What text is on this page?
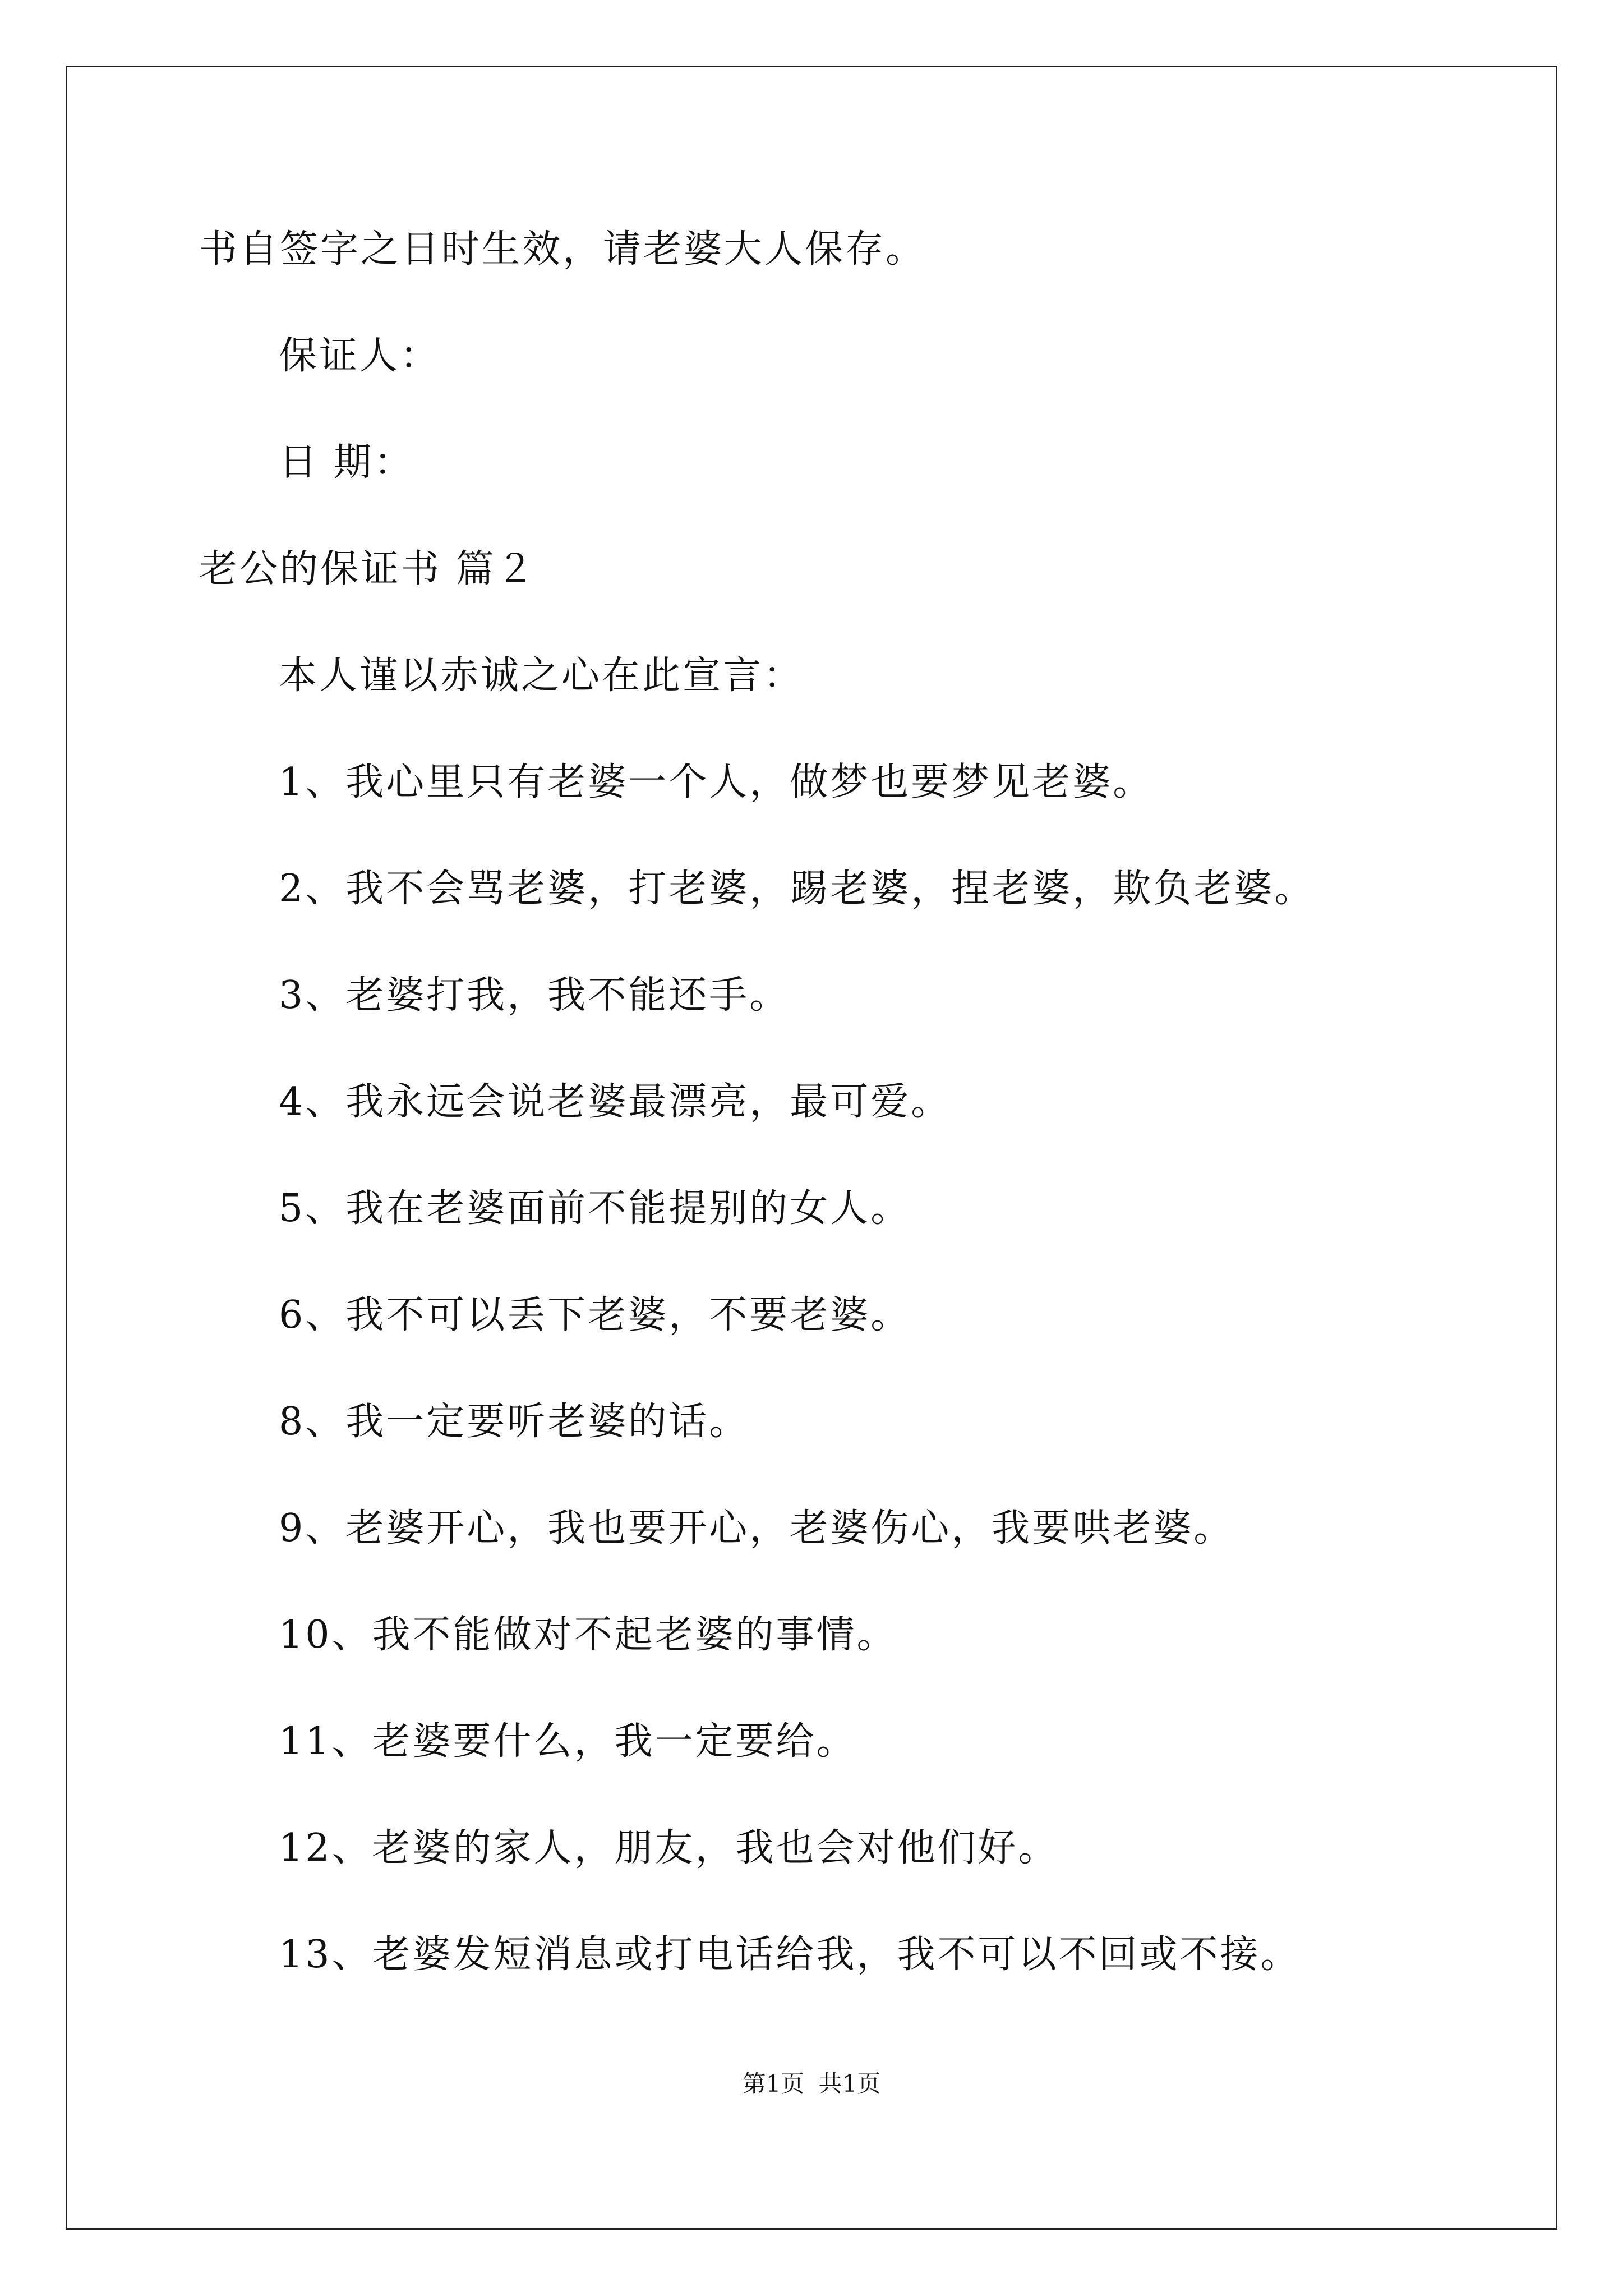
书自签字之日时生效，请老婆大人保存。
保证人：
日 期：
老公的保证书 篇２
本人谨以赤诚之心在此宣言：
1、我心里只有老婆一个人，做梦也要梦见老婆。
2、我不会骂老婆，打老婆，踢老婆，捏老婆，欺负老婆。
3、老婆打我，我不能还手。
4、我永远会说老婆最漂亮，最可爱。
5、我在老婆面前不能提别的女人。
6、我不可以丢下老婆，不要老婆。
8、我一定要听老婆的话。
9、老婆开心，我也要开心，老婆伤心，我要哄老婆。
10、我不能做对不起老婆的事情。
11、老婆要什么，我一定要给。
12、老婆的家人，朋友，我也会对他们好。
13、老婆发短消息或打电话给我，我不可以不回或不接。
第1页 共1页
